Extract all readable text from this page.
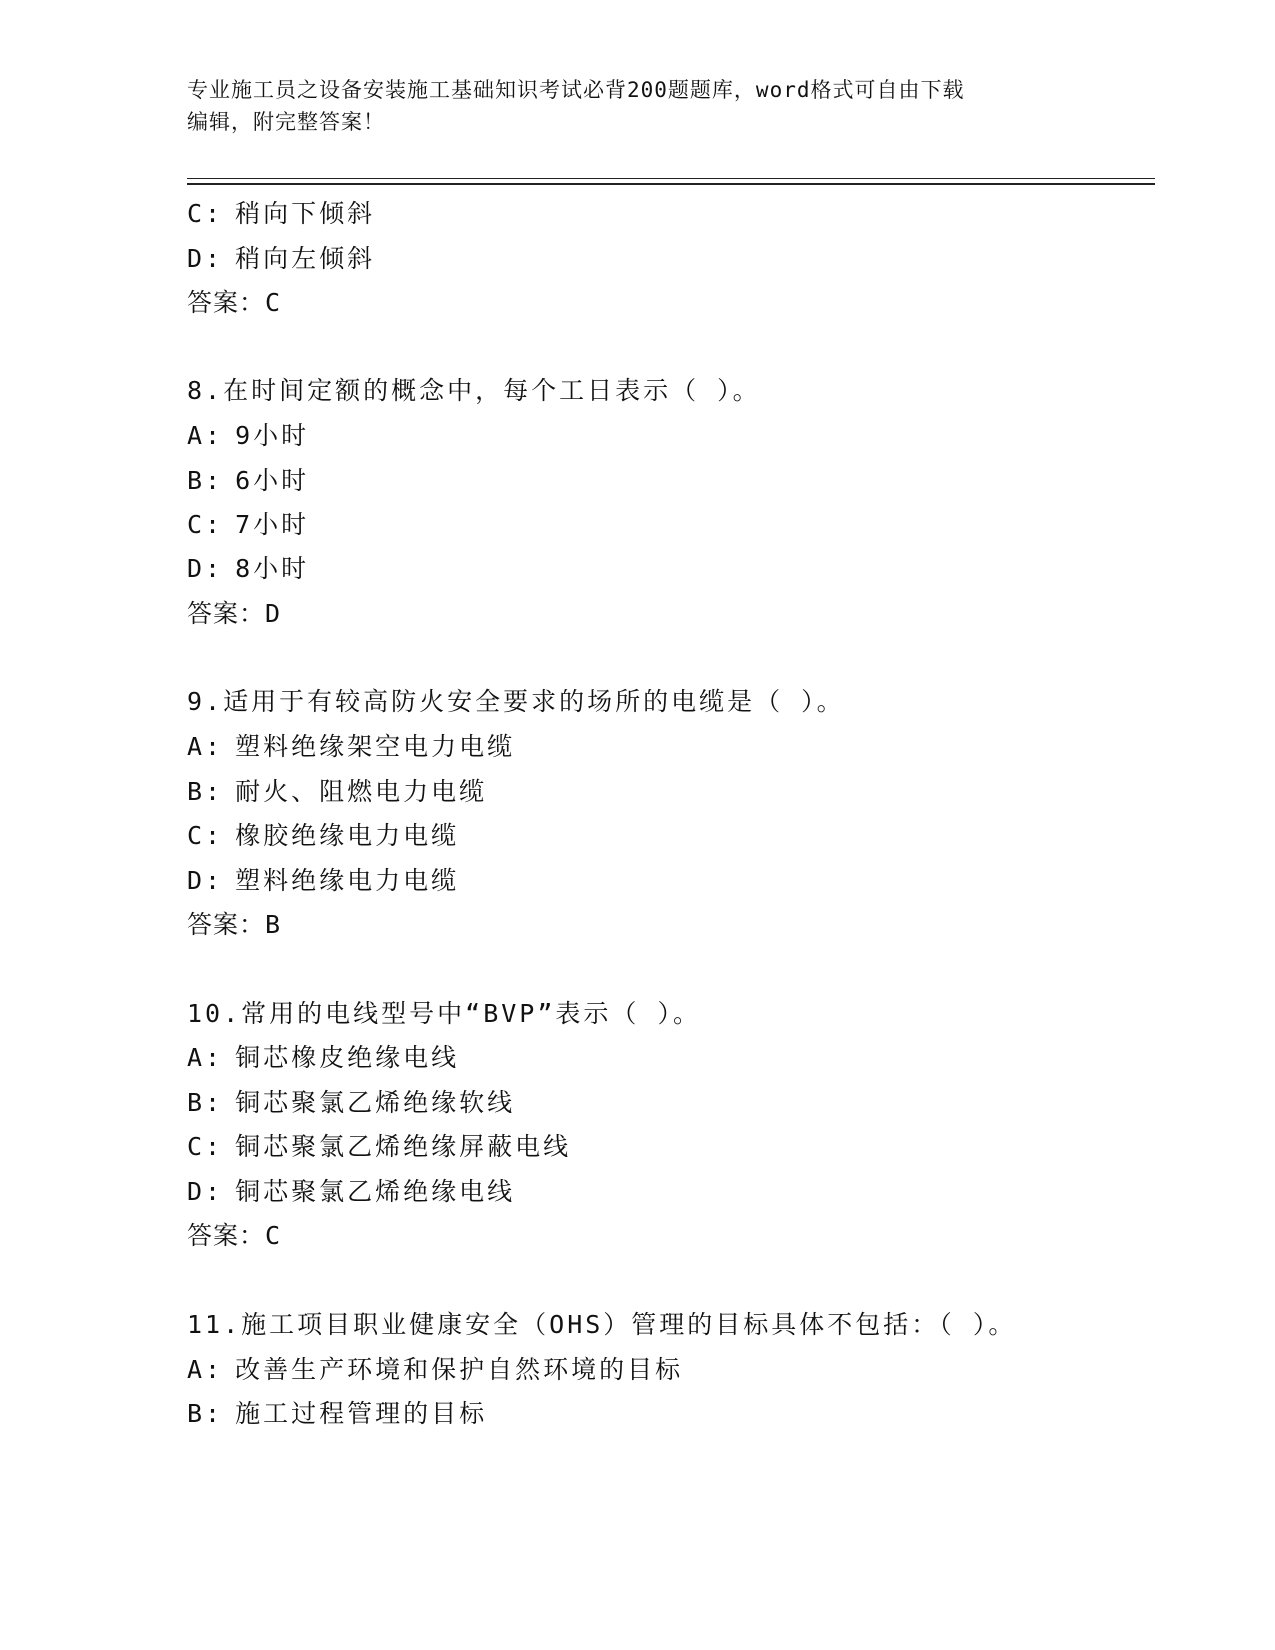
专业施工员之设备安装施工基础知识考试必背200题题库，word格式可自由下载
编辑，附完整答案！
C: 稍向下倾斜
D: 稍向左倾斜
答案：C
8.在时间定额的概念中，每个工日表示（ ）。
A: 9小时
B: 6小时
C: 7小时
D: 8小时
答案：D
9.适用于有较高防火安全要求的场所的电缆是（ ）。
A: 塑料绝缘架空电力电缆
B: 耐火、阻燃电力电缆
C: 橡胶绝缘电力电缆
D: 塑料绝缘电力电缆
答案：B
10.常用的电线型号中“BVP”表示（ ）。
A: 铜芯橡皮绝缘电线
B: 铜芯聚氯乙烯绝缘软线
C: 铜芯聚氯乙烯绝缘屏蔽电线
D: 铜芯聚氯乙烯绝缘电线
答案：C
11.施工项目职业健康安全（OHS）管理的目标具体不包括：（ ）。
A: 改善生产环境和保护自然环境的目标
B: 施工过程管理的目标
